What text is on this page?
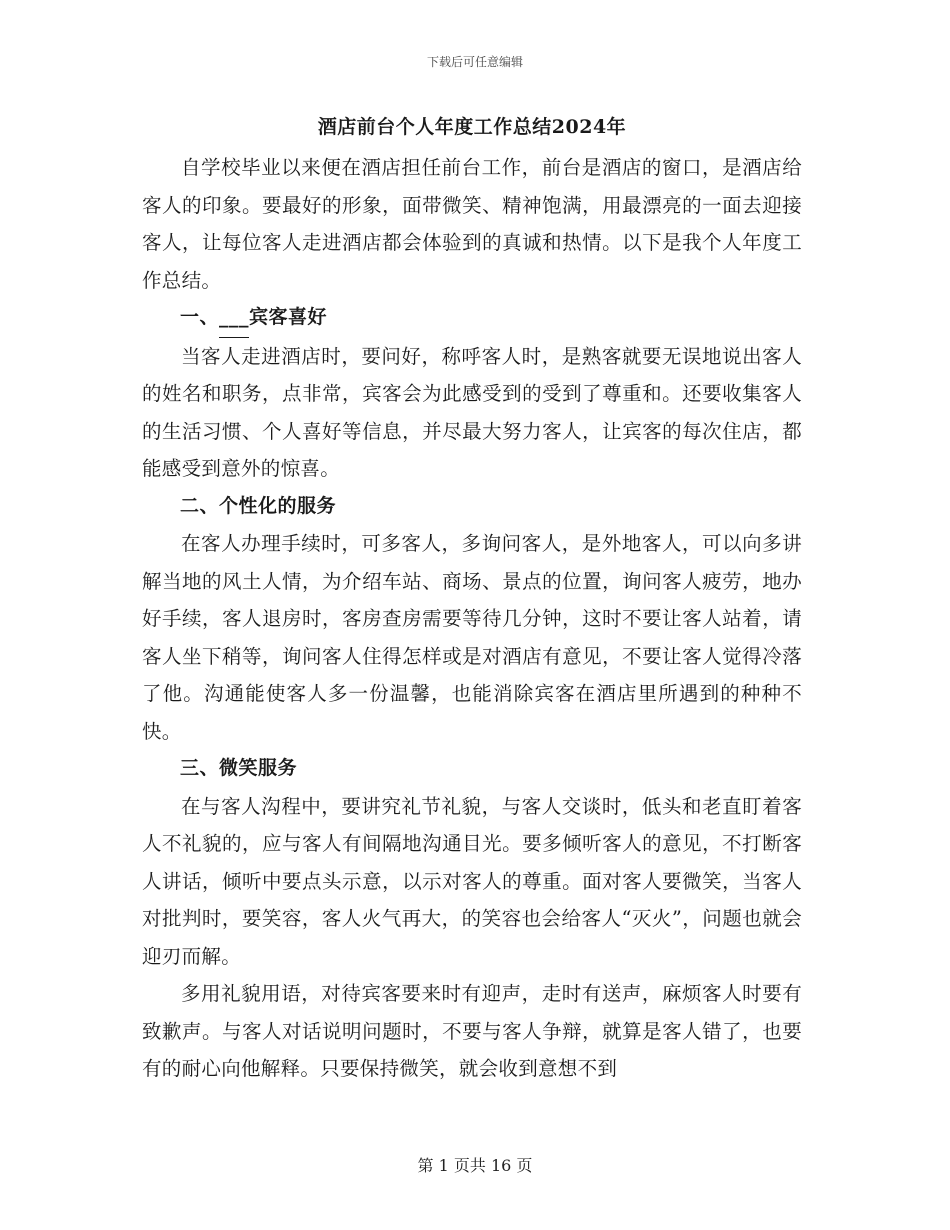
下载后可任意编辑
酒店前台个人年度工作总结2024年

自学校毕业以来便在酒店担任前台工作，前台是酒店的窗口，是酒店给客人的印象。要最好的形象，面带微笑、精神饱满，用最漂亮的一面去迎接客人，让每位客人走进酒店都会体验到的真诚和热情。以下是我个人年度工作总结。

一、___宾客喜好

当客人走进酒店时，要问好，称呼客人时，是熟客就要无误地说出客人的姓名和职务，点非常，宾客会为此感受到的受到了尊重和。还要收集客人的生活习惯、个人喜好等信息，并尽最大努力客人，让宾客的每次住店，都能感受到意外的惊喜。

二、个性化的服务

在客人办理手续时，可多客人，多询问客人，是外地客人，可以向多讲解当地的风土人情，为介绍车站、商场、景点的位置，询问客人疲劳，地办好手续，客人退房时，客房查房需要等待几分钟，这时不要让客人站着，请客人坐下稍等，询问客人住得怎样或是对酒店有意见，不要让客人觉得冷落了他。沟通能使客人多一份温馨，也能消除宾客在酒店里所遇到的种种不快。

三、微笑服务

在与客人沟程中，要讲究礼节礼貌，与客人交谈时，低头和老直盯着客人不礼貌的，应与客人有间隔地沟通目光。要多倾听客人的意见，不打断客人讲话，倾听中要点头示意，以示对客人的尊重。面对客人要微笑，当客人对批判时，要笑容，客人火气再大，的笑容也会给客人“灭火”，问题也就会迎刃而解。

多用礼貌用语，对待宾客要来时有迎声，走时有送声，麻烦客人时要有致歉声。与客人对话说明问题时，不要与客人争辩，就算是客人错了，也要有的耐心向他解释。只要保持微笑，就会收到意想不到

第 1 页共 16 页
